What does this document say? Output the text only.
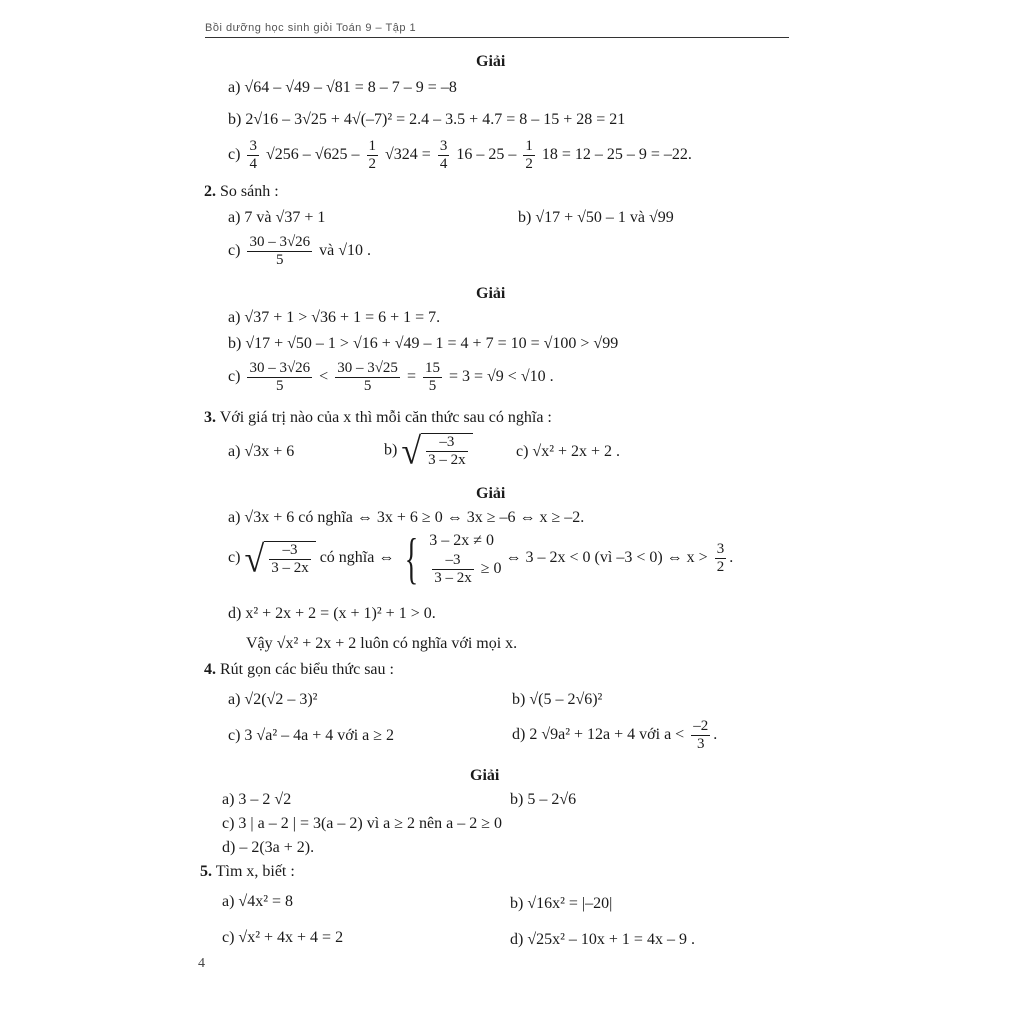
Bồi dưỡng học sinh giỏi Toán 9 – Tập 1
Giải
a) √64 – √49 – √81 = 8 – 7 – 9 = –8
b) 2√16 – 3√25 + 4√(–7)² = 2.4 – 3.5 + 4.7 = 8 – 15 + 28 = 21
$c) \frac{3}{4} √256 - √625 - \frac{1}{2} √324 = \frac{3}{4} 16 - 25 - \frac{1}{2} 18 = 12 - 25 - 9 = -22$.
2. So sánh :
a) 7 và √37 + 1	b) √17 + √50 – 1 và √99
$c) \frac{30 - 3√26}{5}$ và √10 .
Giải
a) √37 + 1 > √36 + 1 = 6 + 1 = 7.
b) √17 + √50 – 1 > √16 + √49 – 1 = 4 + 7 = 10 = √100 > √99
$c) \frac{30 - 3√26}{5} < \frac{30 - 3√25}{5} = \frac{15}{5} = 3 = √9 < √10$ .
3. Với giá trị nào của x thì mỗi căn thức sau có nghĩa :
a) √3x + 6	b) √ $\frac{-3}{3 - 2x}$	c) √x² + 2x + 2 .
Giải
a) √3x + 6 có nghĩa ⇔ 3x + 6 ≥ 0 ⇔ 3x ≥ –6 ⇔ x ≥ –2.
c) √ $\frac{-3}{3 - 2x}$ có nghĩa ⇔ { 3 – 2x ≠ 0
$\frac{-3}{3 - 2x} \ge 0$
⇔ 3 – 2x < 0 (vì –3 < 0) ⇔ $x > \frac{3}{2}$ .
d) x² + 2x + 2 = (x + 1)² + 1 > 0.
Vậy √x² + 2x + 2 luôn có nghĩa với mọi x.
4. Rút gọn các biểu thức sau :
a) √2(√2 – 3)²	b) √(5 – 2√6)²
c) 3 √a² – 4a + 4 với a ≥ 2	d) 2 √9a² + 12a + 4 với $a < \frac{-2}{3}$ .
Giải
a) 3 – 2 √2	b) 5 – 2√6
c) 3 | a – 2 | = 3(a – 2) vì a ≥ 2 nên a – 2 ≥ 0
d) – 2(3a + 2).
5. Tìm x, biết :
a) √4x² = 8	b) √16x² = |–20|
c) √x² + 4x + 4 = 2	d) √25x² – 10x + 1 = 4x – 9 .
4
